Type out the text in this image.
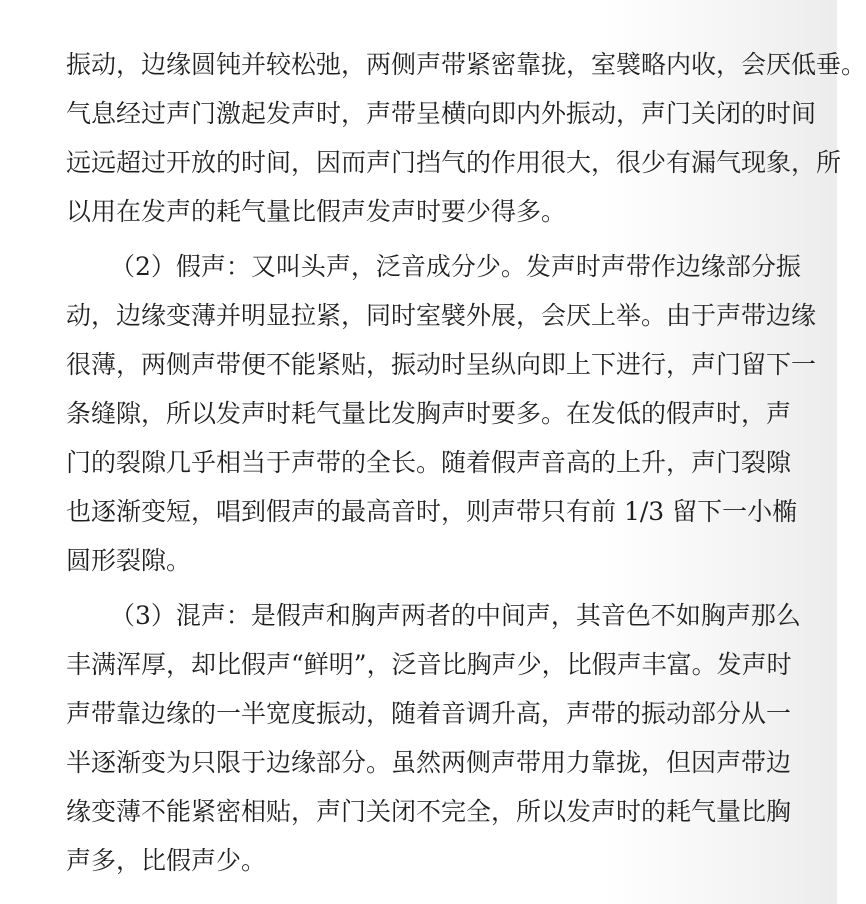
振动，边缘圆钝并较松弛，两侧声带紧密靠拢，室襞略内收，会厌低垂。
气息经过声门激起发声时，声带呈横向即内外振动，声门关闭的时间
远远超过开放的时间，因而声门挡气的作用很大，很少有漏气现象，所
以用在发声的耗气量比假声发声时要少得多。
（2）假声：又叫头声，泛音成分少。发声时声带作边缘部分振
动，边缘变薄并明显拉紧，同时室襞外展，会厌上举。由于声带边缘
很薄，两侧声带便不能紧贴，振动时呈纵向即上下进行，声门留下一
条缝隙，所以发声时耗气量比发胸声时要多。在发低的假声时，声
门的裂隙几乎相当于声带的全长。随着假声音高的上升，声门裂隙
也逐渐变短，唱到假声的最高音时，则声带只有前 1/3 留下一小椭
圆形裂隙。
（3）混声：是假声和胸声两者的中间声，其音色不如胸声那么
丰满浑厚，却比假声“鲜明”，泛音比胸声少，比假声丰富。发声时
声带靠边缘的一半宽度振动，随着音调升高，声带的振动部分从一
半逐渐变为只限于边缘部分。虽然两侧声带用力靠拢，但因声带边
缘变薄不能紧密相贴，声门关闭不完全，所以发声时的耗气量比胸
声多，比假声少。
